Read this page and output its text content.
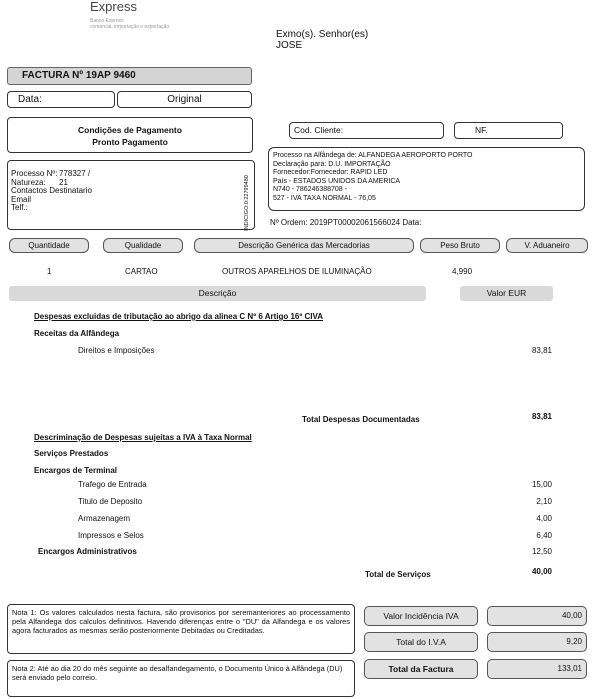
Express
Banco Express
comercial, importação e exportação
Exmo(s). Senhor(es)
JOSE
FACTURA Nº 19AP 9460
Data:	Original
Condições de Pagamento
Pronto Pagamento
Cod. Cliente:	NF.
Processo Nº: 778327 /
Natureza: 21
Contactos Destinatario
Email
Telf.:	INDICIGO:0:22799480
Processo na Alfândega de: ALFANDEGA AEROPORTO PORTO
Declaração para: D.U. IMPORTAÇÃO
Fornecedor:Fornecedor: RAPID LED
País - ESTADOS UNIDOS DA AMERICA
N740 - 786246388708 -
527 - IVA TAXA NORMAL - 76,05
Nº Ordem: 2019PT00002061566024 Data:
Quantidade	Qualidade	Descrição Genérica das Mercadorias	Peso Bruto	V. Aduaneiro
1	CARTAO	OUTROS APARELHOS DE ILUMINAÇÃO	4,990
Descrição	Valor EUR
Despesas excluidas de tributação ao abrigo da alinea C Nº 6 Artigo 16º CIVA
Receitas da Alfândega
Direitos e Imposições	83,81
Total Despesas Documentadas	83,81
Descriminação de Despesas sujeitas a IVA à Taxa Normal
Serviços Prestados
Encargos de Terminal
Trafego de Entrada	15,00
Titulo de Deposito	2,10
Armazenagem	4,00
Impressos e Selos	6,40
Encargos Administrativos	12,50
Total de Serviços	40,00
Nota 1: Os valores calculados nesta factura, são provisorios por seremanteriores ao processamento pela Alfandega dos calculos definitivos. Havendo diferenças entre o "DU" da Alfandega e os valores agora facturados as mesmas serão posteriormente Debitadas ou Creditadas.
Nota 2: Até ao dia 20 do mês seguinte ao desalfandegamento, o Documento Único à Alfândega (DU) será enviado pelo correio.
Valor Incidência IVA	40,00
Total do I.V.A	9,20
Total da Factura	133,01
